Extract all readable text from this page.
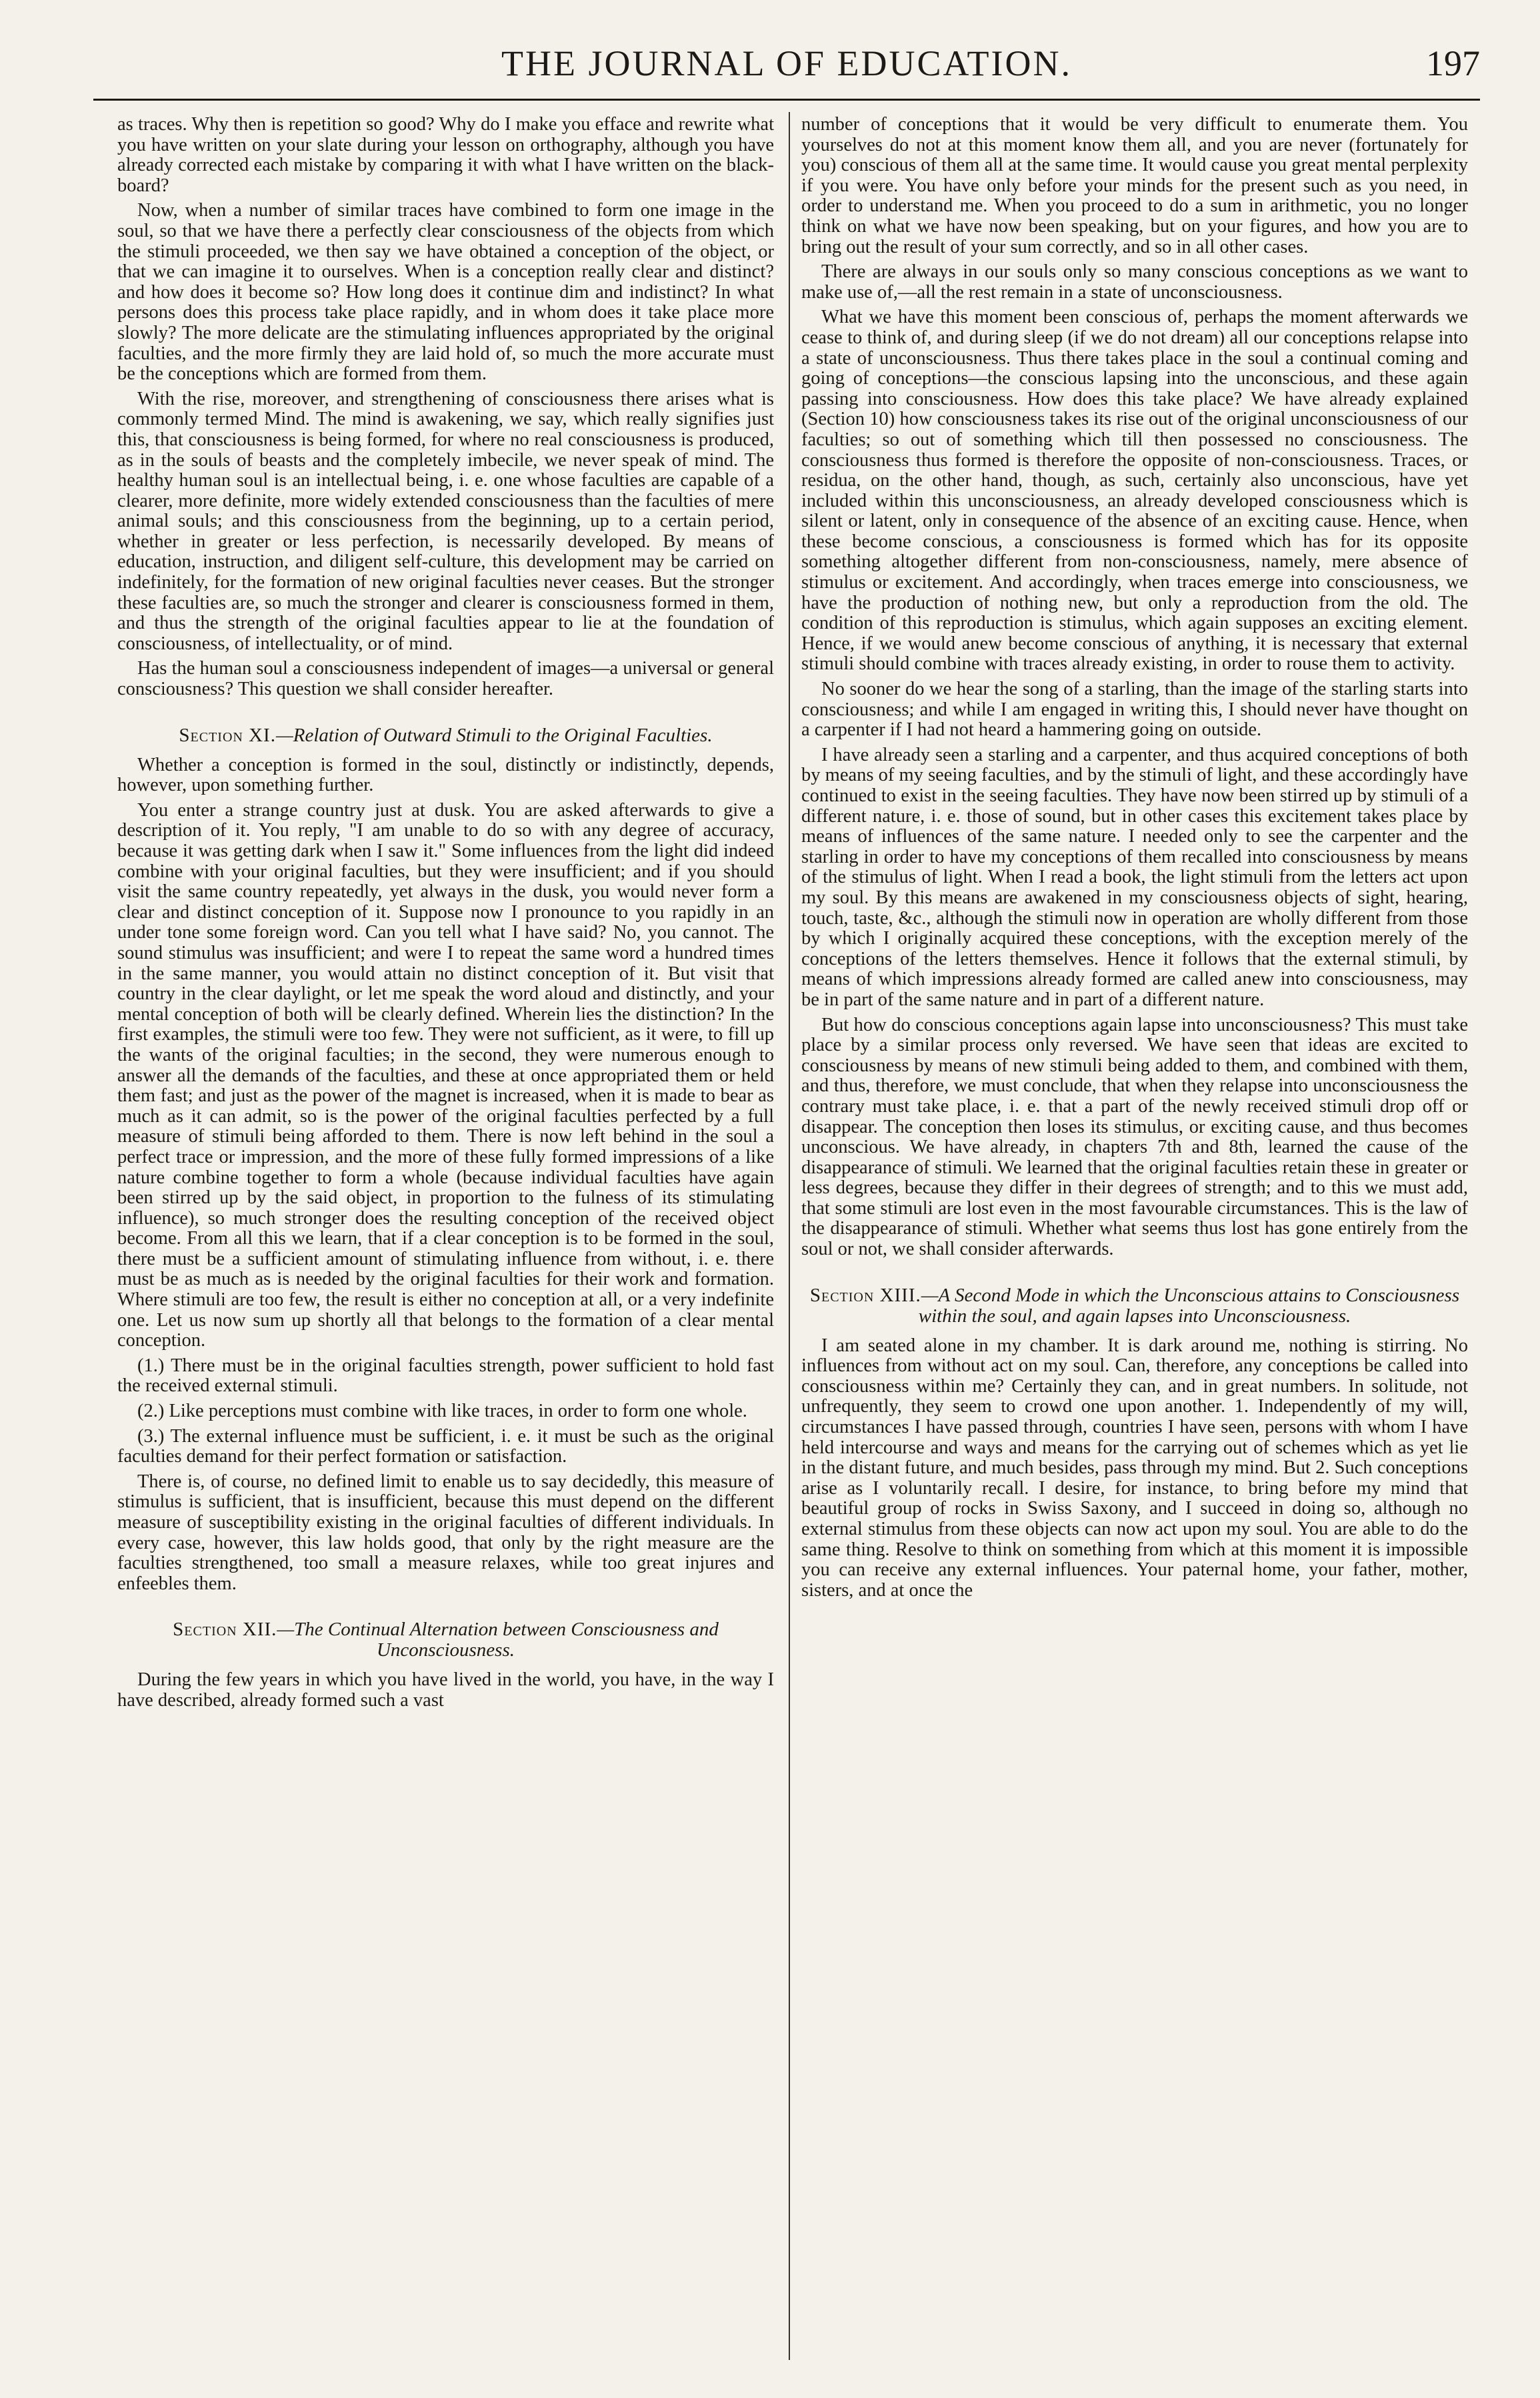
THE JOURNAL OF EDUCATION.	197

as traces. Why then is repetition so good? Why do I make you efface and rewrite what you have written on your slate during your lesson on orthography, although you have already corrected each mistake by comparing it with what I have written on the black-board?

Now, when a number of similar traces have combined to form one image in the soul, so that we have there a perfectly clear consciousness of the objects from which the stimuli proceeded, we then say we have obtained a conception of the object, or that we can imagine it to ourselves. When is a conception really clear and distinct? and how does it become so? How long does it continue dim and indistinct? In what persons does this process take place rapidly, and in whom does it take place more slowly? The more delicate are the stimulating influences appropriated by the original faculties, and the more firmly they are laid hold of, so much the more accurate must be the conceptions which are formed from them.

With the rise, moreover, and strengthening of consciousness there arises what is commonly termed Mind. The mind is awakening, we say, which really signifies just this, that consciousness is being formed, for where no real consciousness is produced, as in the souls of beasts and the completely imbecile, we never speak of mind. The healthy human soul is an intellectual being, i. e. one whose faculties are capable of a clearer, more definite, more widely extended consciousness than the faculties of mere animal souls; and this consciousness from the beginning, up to a certain period, whether in greater or less perfection, is necessarily developed. By means of education, instruction, and diligent self-culture, this development may be carried on indefinitely, for the formation of new original faculties never ceases. But the stronger these faculties are, so much the stronger and clearer is consciousness formed in them, and thus the strength of the original faculties appear to lie at the foundation of consciousness, of intellectuality, or of mind.

Has the human soul a consciousness independent of images—a universal or general consciousness? This question we shall consider hereafter.

Section XI.—Relation of Outward Stimuli to the Original Faculties.

Whether a conception is formed in the soul, distinctly or indistinctly, depends, however, upon something further.

You enter a strange country just at dusk. You are asked afterwards to give a description of it. You reply, "I am unable to do so with any degree of accuracy, because it was getting dark when I saw it." Some influences from the light did indeed combine with your original faculties, but they were insufficient; and if you should visit the same country repeatedly, yet always in the dusk, you would never form a clear and distinct conception of it. Suppose now I pronounce to you rapidly in an under tone some foreign word. Can you tell what I have said? No, you cannot. The sound stimulus was insufficient; and were I to repeat the same word a hundred times in the same manner, you would attain no distinct conception of it. But visit that country in the clear daylight, or let me speak the word aloud and distinctly, and your mental conception of both will be clearly defined. Wherein lies the distinction? In the first examples, the stimuli were too few. They were not sufficient, as it were, to fill up the wants of the original faculties; in the second, they were numerous enough to answer all the demands of the faculties, and these at once appropriated them or held them fast; and just as the power of the magnet is increased, when it is made to bear as much as it can admit, so is the power of the original faculties perfected by a full measure of stimuli being afforded to them. There is now left behind in the soul a perfect trace or impression, and the more of these fully formed impressions of a like nature combine together to form a whole (because individual faculties have again been stirred up by the said object, in proportion to the fulness of its stimulating influence), so much stronger does the resulting conception of the received object become. From all this we learn, that if a clear conception is to be formed in the soul, there must be a sufficient amount of stimulating influence from without, i. e. there must be as much as is needed by the original faculties for their work and formation. Where stimuli are too few, the result is either no conception at all, or a very indefinite one. Let us now sum up shortly all that belongs to the formation of a clear mental conception.

(1.) There must be in the original faculties strength, power sufficient to hold fast the received external stimuli.

(2.) Like perceptions must combine with like traces, in order to form one whole.

(3.) The external influence must be sufficient, i. e. it must be such as the original faculties demand for their perfect formation or satisfaction.

There is, of course, no defined limit to enable us to say decidedly, this measure of stimulus is sufficient, that is insufficient, because this must depend on the different measure of susceptibility existing in the original faculties of different individuals. In every case, however, this law holds good, that only by the right measure are the faculties strengthened, too small a measure relaxes, while too great injures and enfeebles them.

Section XII.—The Continual Alternation between Consciousness and Unconsciousness.

During the few years in which you have lived in the world, you have, in the way I have described, already formed such a vast

number of conceptions that it would be very difficult to enumerate them. You yourselves do not at this moment know them all, and you are never (fortunately for you) conscious of them all at the same time. It would cause you great mental perplexity if you were. You have only before your minds for the present such as you need, in order to understand me. When you proceed to do a sum in arithmetic, you no longer think on what we have now been speaking, but on your figures, and how you are to bring out the result of your sum correctly, and so in all other cases.

There are always in our souls only so many conscious conceptions as we want to make use of,—all the rest remain in a state of unconsciousness.

What we have this moment been conscious of, perhaps the moment afterwards we cease to think of, and during sleep (if we do not dream) all our conceptions relapse into a state of unconsciousness. Thus there takes place in the soul a continual coming and going of conceptions—the conscious lapsing into the unconscious, and these again passing into consciousness. How does this take place? We have already explained (Section 10) how consciousness takes its rise out of the original unconsciousness of our faculties; so out of something which till then possessed no consciousness. The consciousness thus formed is therefore the opposite of non-consciousness. Traces, or residua, on the other hand, though, as such, certainly also unconscious, have yet included within this unconsciousness, an already developed consciousness which is silent or latent, only in consequence of the absence of an exciting cause. Hence, when these become conscious, a consciousness is formed which has for its opposite something altogether different from non-consciousness, namely, mere absence of stimulus or excitement. And accordingly, when traces emerge into consciousness, we have the production of nothing new, but only a reproduction from the old. The condition of this reproduction is stimulus, which again supposes an exciting element. Hence, if we would anew become conscious of anything, it is necessary that external stimuli should combine with traces already existing, in order to rouse them to activity.

No sooner do we hear the song of a starling, than the image of the starling starts into consciousness; and while I am engaged in writing this, I should never have thought on a carpenter if I had not heard a hammering going on outside.

I have already seen a starling and a carpenter, and thus acquired conceptions of both by means of my seeing faculties, and by the stimuli of light, and these accordingly have continued to exist in the seeing faculties. They have now been stirred up by stimuli of a different nature, i. e. those of sound, but in other cases this excitement takes place by means of influences of the same nature. I needed only to see the carpenter and the starling in order to have my conceptions of them recalled into consciousness by means of the stimulus of light. When I read a book, the light stimuli from the letters act upon my soul. By this means are awakened in my consciousness objects of sight, hearing, touch, taste, &c., although the stimuli now in operation are wholly different from those by which I originally acquired these conceptions, with the exception merely of the conceptions of the letters themselves. Hence it follows that the external stimuli, by means of which impressions already formed are called anew into consciousness, may be in part of the same nature and in part of a different nature.

But how do conscious conceptions again lapse into unconsciousness? This must take place by a similar process only reversed. We have seen that ideas are excited to consciousness by means of new stimuli being added to them, and combined with them, and thus, therefore, we must conclude, that when they relapse into unconsciousness the contrary must take place, i. e. that a part of the newly received stimuli drop off or disappear. The conception then loses its stimulus, or exciting cause, and thus becomes unconscious. We have already, in chapters 7th and 8th, learned the cause of the disappearance of stimuli. We learned that the original faculties retain these in greater or less degrees, because they differ in their degrees of strength; and to this we must add, that some stimuli are lost even in the most favourable circumstances. This is the law of the disappearance of stimuli. Whether what seems thus lost has gone entirely from the soul or not, we shall consider afterwards.

Section XIII.—A Second Mode in which the Unconscious attains to Consciousness within the soul, and again lapses into Unconsciousness.

I am seated alone in my chamber. It is dark around me, nothing is stirring. No influences from without act on my soul. Can, therefore, any conceptions be called into consciousness within me? Certainly they can, and in great numbers. In solitude, not unfrequently, they seem to crowd one upon another. 1. Independently of my will, circumstances I have passed through, countries I have seen, persons with whom I have held intercourse and ways and means for the carrying out of schemes which as yet lie in the distant future, and much besides, pass through my mind. But 2. Such conceptions arise as I voluntarily recall. I desire, for instance, to bring before my mind that beautiful group of rocks in Swiss Saxony, and I succeed in doing so, although no external stimulus from these objects can now act upon my soul. You are able to do the same thing. Resolve to think on something from which at this moment it is impossible you can receive any external influences. Your paternal home, your father, mother, sisters, and at once the
